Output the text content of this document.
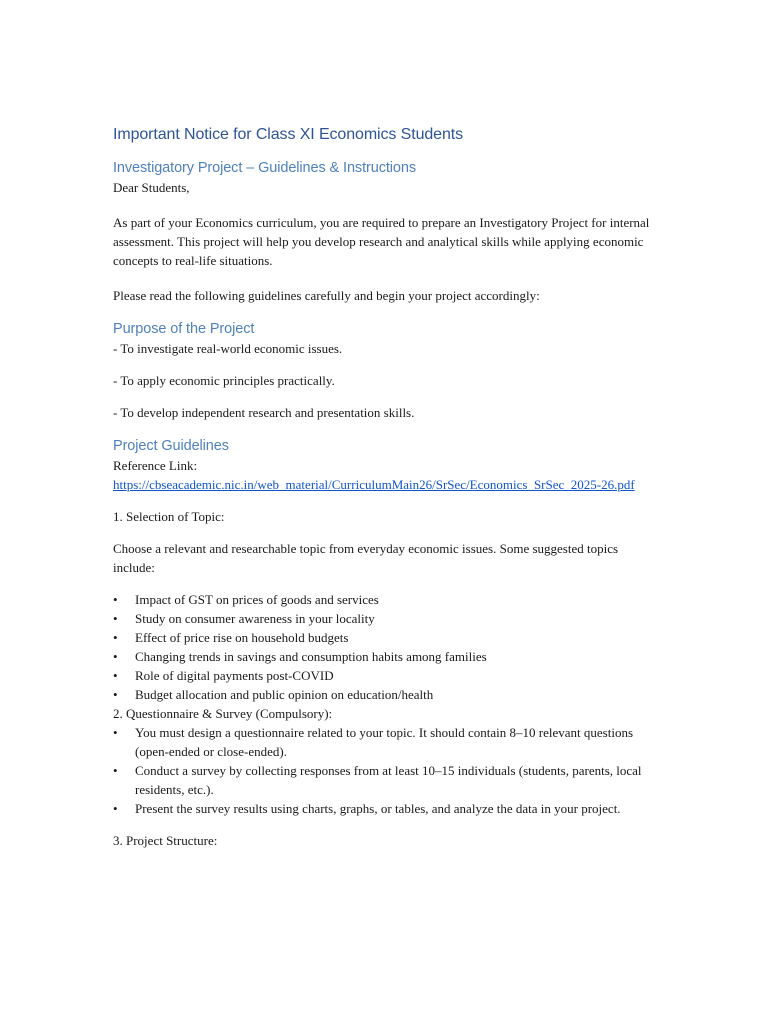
Important Notice for Class XI Economics Students
Investigatory Project – Guidelines & Instructions
Dear Students,
As part of your Economics curriculum, you are required to prepare an Investigatory Project for internal assessment. This project will help you develop research and analytical skills while applying economic concepts to real-life situations.
Please read the following guidelines carefully and begin your project accordingly:
Purpose of the Project
- To investigate real-world economic issues.
- To apply economic principles practically.
- To develop independent research and presentation skills.
Project Guidelines
Reference Link:
https://cbseacademic.nic.in/web_material/CurriculumMain26/SrSec/Economics_SrSec_2025-26.pdf
1. Selection of Topic:
Choose a relevant and researchable topic from everyday economic issues. Some suggested topics include:
• Impact of GST on prices of goods and services
• Study on consumer awareness in your locality
• Effect of price rise on household budgets
• Changing trends in savings and consumption habits among families
• Role of digital payments post-COVID
• Budget allocation and public opinion on education/health
2. Questionnaire & Survey (Compulsory):
• You must design a questionnaire related to your topic. It should contain 8–10 relevant questions (open-ended or close-ended).
• Conduct a survey by collecting responses from at least 10–15 individuals (students, parents, local residents, etc.).
• Present the survey results using charts, graphs, or tables, and analyze the data in your project.
3. Project Structure:
